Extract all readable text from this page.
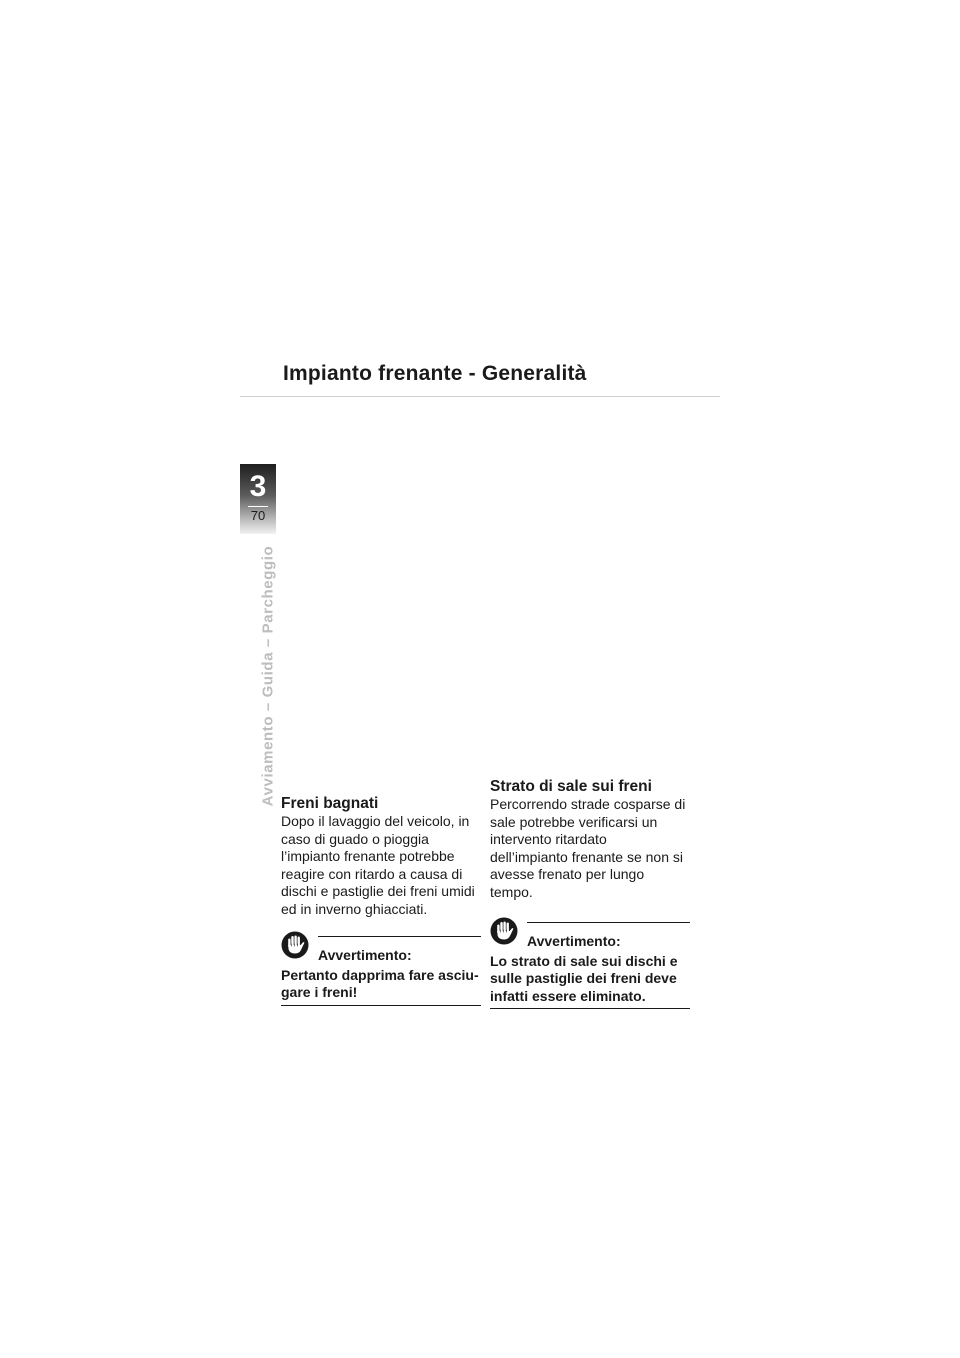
Impianto frenante - Generalità
3
70
Avviamento – Guida – Parcheggio Freni bagnati

Dopo il lavaggio del veicolo, in
caso di guado o pioggia
l’impianto frenante potrebbe
reagire con ritardo a causa di
dischi e pastiglie dei freni umidi
ed in inverno ghiacciati.

Avvertimento:
Pertanto dapprima fare asciu-
gare i freni!
Strato di sale sui freni

Percorrendo strade cosparse di
sale potrebbe verificarsi un
intervento ritardato
dell’impianto frenante se non si
avesse frenato per lungo
tempo.

Avvertimento:
Lo strato di sale sui dischi e
sulle pastiglie dei freni deve
infatti essere eliminato.
